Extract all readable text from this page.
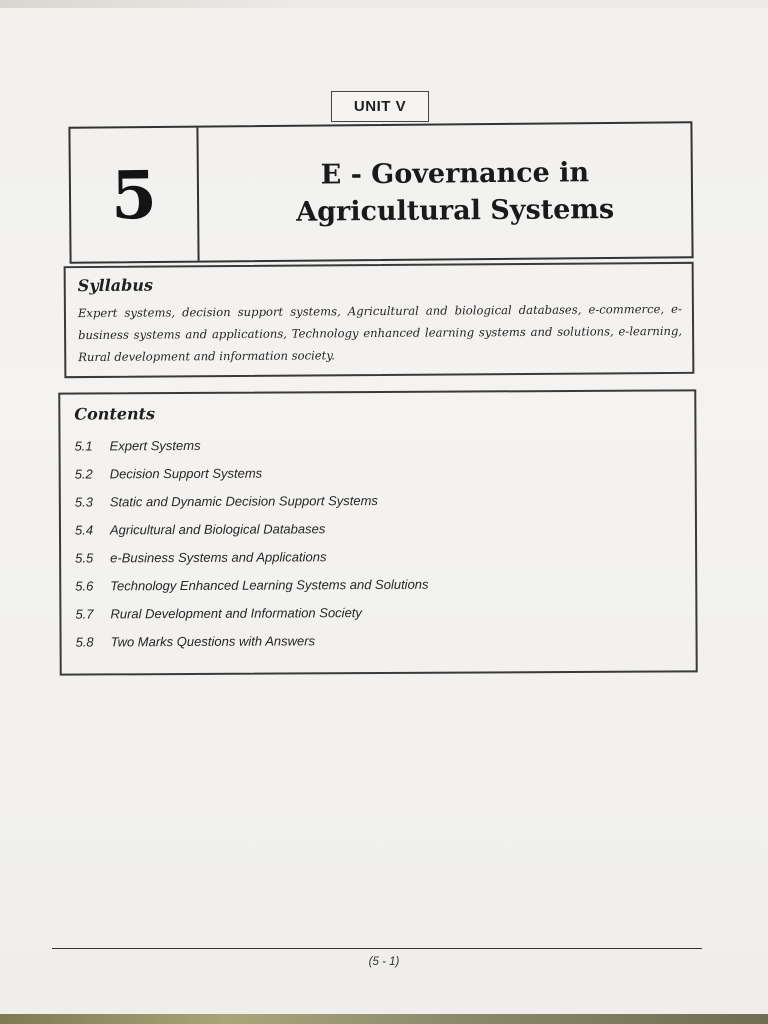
UNIT V
5	E - Governance in
Agricultural Systems
Syllabus
Expert systems, decision support systems, Agricultural and biological databases, e-commerce, e-business systems and applications, Technology enhanced learning systems and solutions, e-learning, Rural development and information society.
Contents
5.1	Expert Systems
5.2	Decision Support Systems
5.3	Static and Dynamic Decision Support Systems
5.4	Agricultural and Biological Databases
5.5	e-Business Systems and Applications
5.6	Technology Enhanced Learning Systems and Solutions
5.7	Rural Development and Information Society
5.8	Two Marks Questions with Answers
(5 - 1)
